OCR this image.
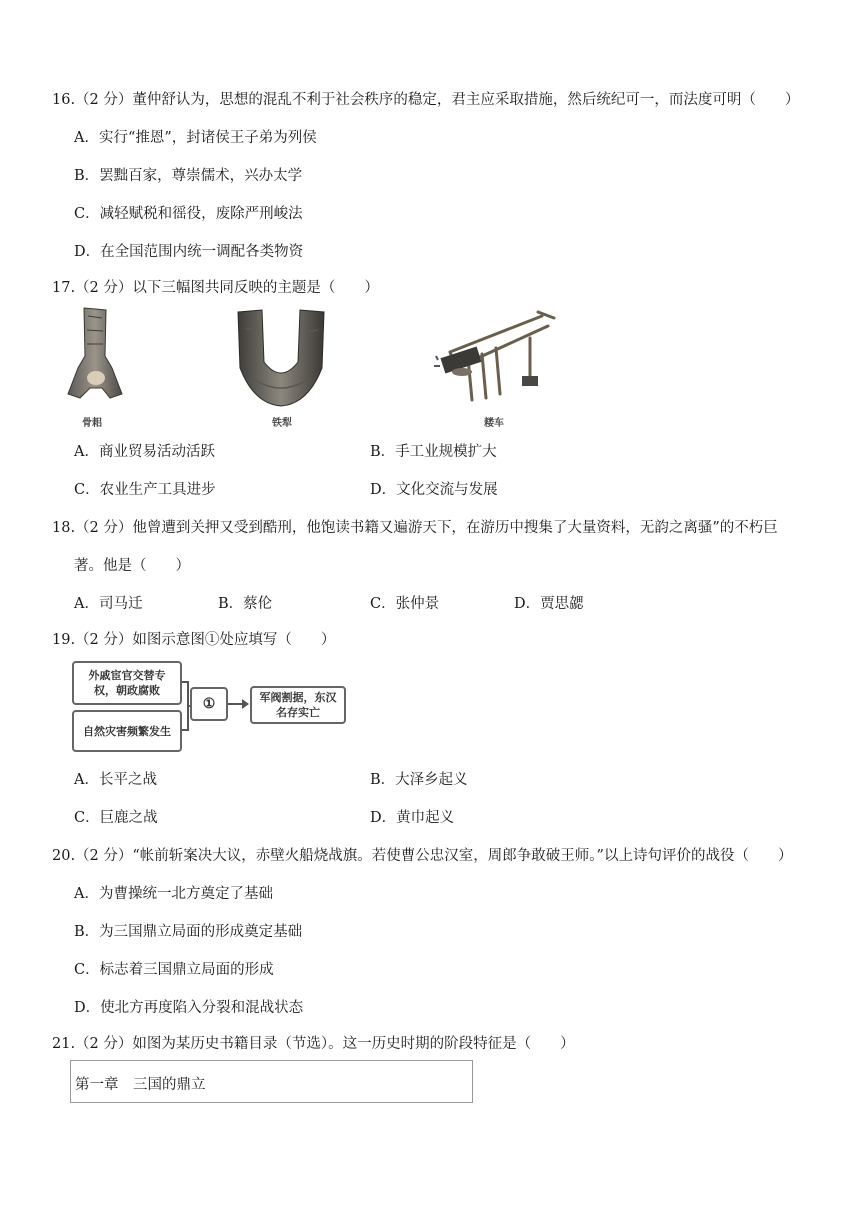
16.（2 分）董仲舒认为，思想的混乱不利于社会秩序的稳定，君主应采取措施，然后统纪可一，而法度可明（　　）
A．实行“推恩”，封诸侯王子弟为列侯
B．罢黜百家，尊崇儒术，兴办太学
C．减轻赋税和徭役，废除严刑峻法
D．在全国范围内统一调配各类物资
17.（2 分）以下三幅图共同反映的主题是（　　）
骨耜	铁犁	耧车
A．商业贸易活动活跃	B．手工业规模扩大
C．农业生产工具进步	D．文化交流与发展
18.（2 分）他曾遭到关押又受到酷刑，他饱读书籍又遍游天下，在游历中搜集了大量资料，无韵之离骚”的不朽巨
著。他是（　　）
A．司马迁	B．蔡伦	C．张仲景	D．贾思勰
19.（2 分）如图示意图①处应填写（　　）
外戚宦官交替专权，朝政腐败
自然灾害频繁发生
①	军阀割据，东汉名存实亡
A．长平之战	B．大泽乡起义
C．巨鹿之战	D．黄巾起义
20.（2 分）“帐前斩案决大议，赤壁火船烧战旗。若使曹公忠汉室，周郎争敢破王师。”以上诗句评价的战役（　　）
A．为曹操统一北方奠定了基础
B．为三国鼎立局面的形成奠定基础
C．标志着三国鼎立局面的形成
D．使北方再度陷入分裂和混战状态
21.（2 分）如图为某历史书籍目录（节选）。这一历史时期的阶段特征是（　　）
第一章　三国的鼎立
